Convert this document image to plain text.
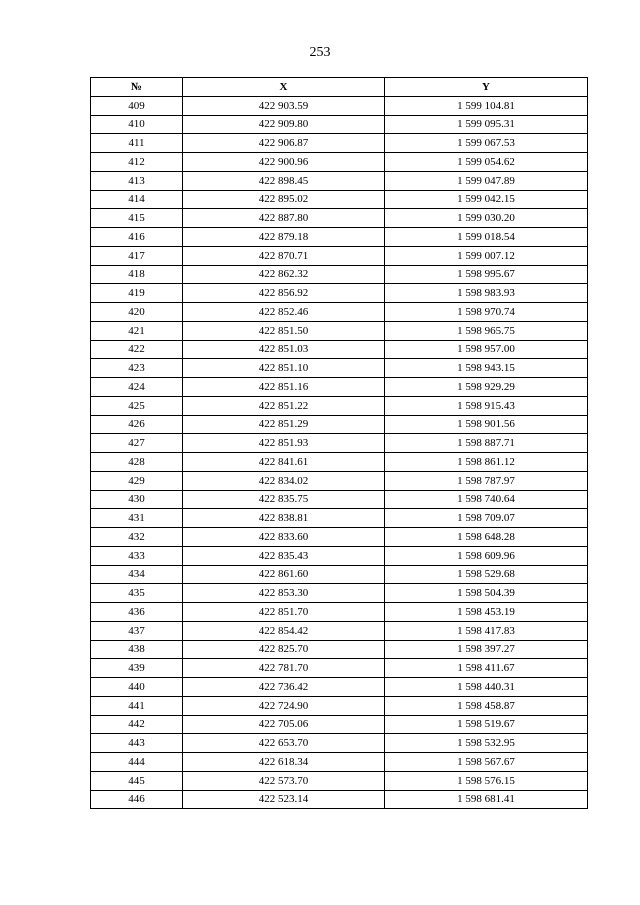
253
№	X	Y
409	422 903.59	1 599 104.81
410	422 909.80	1 599 095.31
411	422 906.87	1 599 067.53
412	422 900.96	1 599 054.62
413	422 898.45	1 599 047.89
414	422 895.02	1 599 042.15
415	422 887.80	1 599 030.20
416	422 879.18	1 599 018.54
417	422 870.71	1 599 007.12
418	422 862.32	1 598 995.67
419	422 856.92	1 598 983.93
420	422 852.46	1 598 970.74
421	422 851.50	1 598 965.75
422	422 851.03	1 598 957.00
423	422 851.10	1 598 943.15
424	422 851.16	1 598 929.29
425	422 851.22	1 598 915.43
426	422 851.29	1 598 901.56
427	422 851.93	1 598 887.71
428	422 841.61	1 598 861.12
429	422 834.02	1 598 787.97
430	422 835.75	1 598 740.64
431	422 838.81	1 598 709.07
432	422 833.60	1 598 648.28
433	422 835.43	1 598 609.96
434	422 861.60	1 598 529.68
435	422 853.30	1 598 504.39
436	422 851.70	1 598 453.19
437	422 854.42	1 598 417.83
438	422 825.70	1 598 397.27
439	422 781.70	1 598 411.67
440	422 736.42	1 598 440.31
441	422 724.90	1 598 458.87
442	422 705.06	1 598 519.67
443	422 653.70	1 598 532.95
444	422 618.34	1 598 567.67
445	422 573.70	1 598 576.15
446	422 523.14	1 598 681.41
